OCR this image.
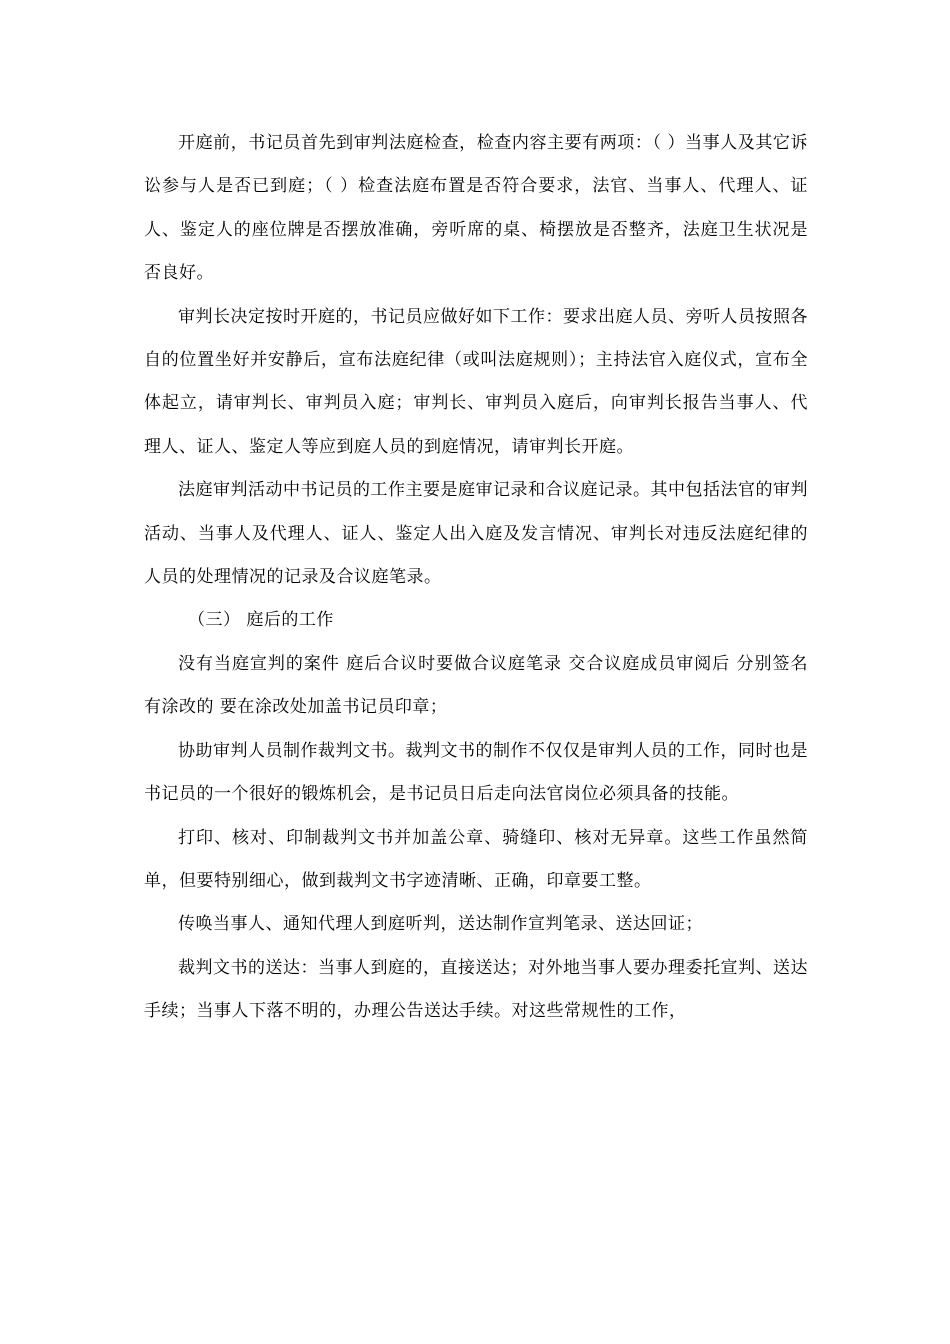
开庭前，书记员首先到审判法庭检查，检查内容主要有两项：（ ）当事人及其它诉讼参与人是否已到庭；（ ）检查法庭布置是否符合要求，法官、当事人、代理人、证人、鉴定人的座位牌是否摆放准确，旁听席的桌、椅摆放是否整齐，法庭卫生状况是否良好。

审判长决定按时开庭的，书记员应做好如下工作：要求出庭人员、旁听人员按照各自的位置坐好并安静后，宣布法庭纪律（或叫法庭规则）；主持法官入庭仪式，宣布全体起立，请审判长、审判员入庭；审判长、审判员入庭后，向审判长报告当事人、代理人、证人、鉴定人等应到庭人员的到庭情况，请审判长开庭。

法庭审判活动中书记员的工作主要是庭审记录和合议庭记录。其中包括法官的审判活动、当事人及代理人、证人、鉴定人出入庭及发言情况、审判长对违反法庭纪律的人员的处理情况的记录及合议庭笔录。

（三） 庭后的工作

没有当庭宣判的案件 庭后合议时要做合议庭笔录 交合议庭成员审阅后 分别签名 有涂改的 要在涂改处加盖书记员印章；

协助审判人员制作裁判文书。裁判文书的制作不仅仅是审判人员的工作，同时也是书记员的一个很好的锻炼机会，是书记员日后走向法官岗位必须具备的技能。

打印、核对、印制裁判文书并加盖公章、骑缝印、核对无异章。这些工作虽然简单，但要特别细心，做到裁判文书字迹清晰、正确，印章要工整。

传唤当事人、通知代理人到庭听判，送达制作宣判笔录、送达回证；

裁判文书的送达：当事人到庭的，直接送达；对外地当事人要办理委托宣判、送达手续；当事人下落不明的，办理公告送达手续。对这些常规性的工作，
